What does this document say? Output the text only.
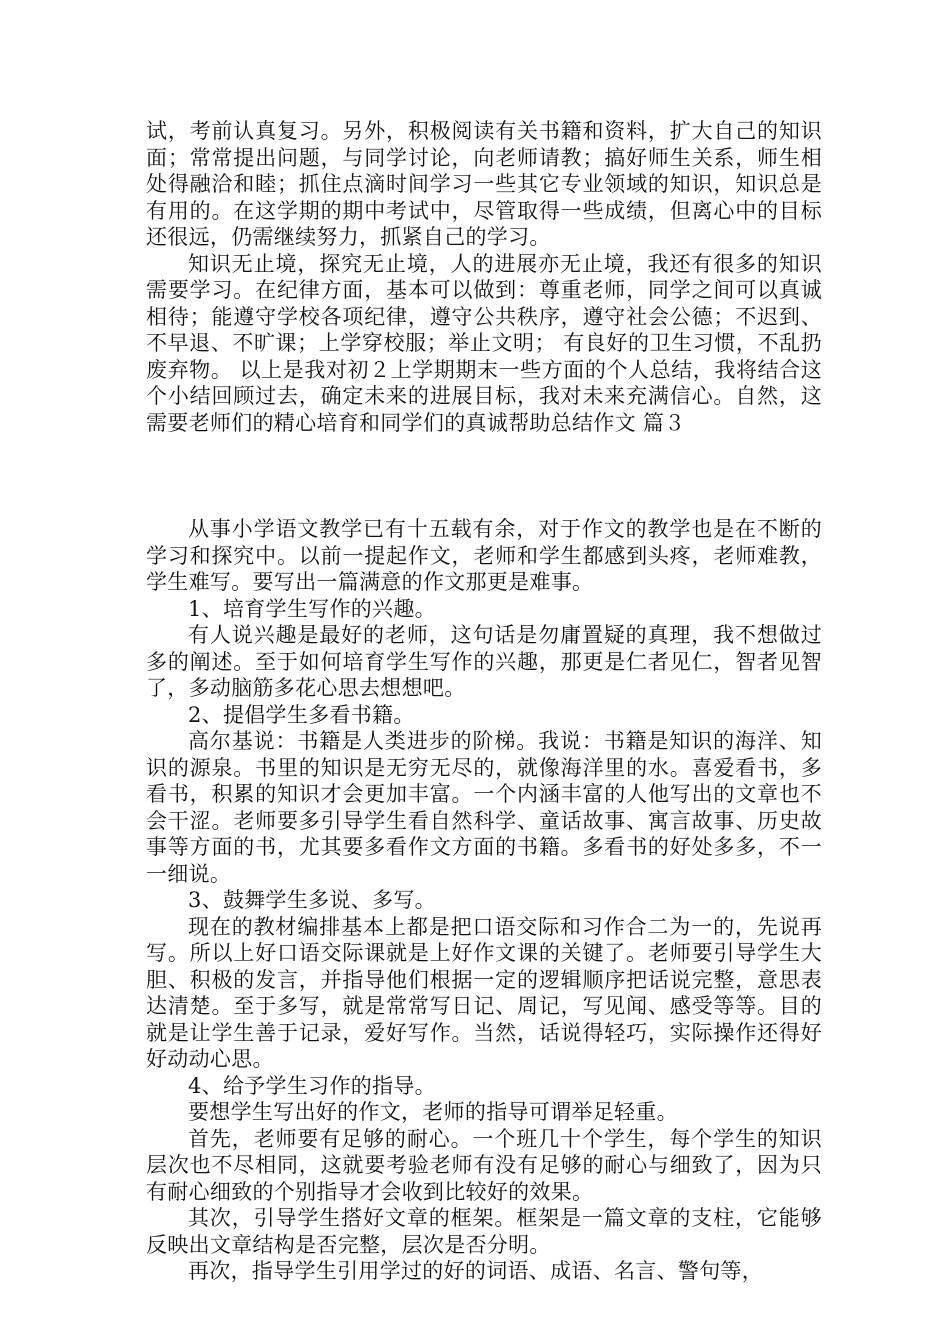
试，考前认真复习。另外，积极阅读有关书籍和资料，扩大自己的知识面；常常提出问题，与同学讨论，向老师请教；搞好师生关系，师生相处得融洽和睦；抓住点滴时间学习一些其它专业领域的知识，知识总是有用的。在这学期的期中考试中，尽管取得一些成绩，但离心中的目标还很远，仍需继续努力，抓紧自己的学习。

知识无止境，探究无止境，人的进展亦无止境，我还有很多的知识需要学习。在纪律方面，基本可以做到：尊重老师，同学之间可以真诚相待；能遵守学校各项纪律，遵守公共秩序，遵守社会公德；不迟到、不早退、不旷课；上学穿校服；举止文明； 有良好的卫生习惯，不乱扔废弃物。 以上是我对初２上学期期末一些方面的个人总结，我将结合这个小结回顾过去，确定未来的进展目标，我对未来充满信心。自然，这需要老师们的精心培育和同学们的真诚帮助总结作文 篇３

从事小学语文教学已有十五载有余，对于作文的教学也是在不断的学习和探究中。以前一提起作文，老师和学生都感到头疼，老师难教，学生难写。要写出一篇满意的作文那更是难事。

1、培育学生写作的兴趣。

有人说兴趣是最好的老师，这句话是勿庸置疑的真理，我不想做过多的阐述。至于如何培育学生写作的兴趣，那更是仁者见仁，智者见智了，多动脑筋多花心思去想想吧。

2、提倡学生多看书籍。

高尔基说：书籍是人类进步的阶梯。我说：书籍是知识的海洋、知识的源泉。书里的知识是无穷无尽的，就像海洋里的水。喜爱看书，多看书，积累的知识才会更加丰富。一个内涵丰富的人他写出的文章也不会干涩。老师要多引导学生看自然科学、童话故事、寓言故事、历史故事等方面的书，尤其要多看作文方面的书籍。多看书的好处多多，不一一细说。

3、鼓舞学生多说、多写。

现在的教材编排基本上都是把口语交际和习作合二为一的，先说再写。所以上好口语交际课就是上好作文课的关键了。老师要引导学生大胆、积极的发言，并指导他们根据一定的逻辑顺序把话说完整，意思表达清楚。至于多写，就是常常写日记、周记，写见闻、感受等等。目的就是让学生善于记录，爱好写作。当然，话说得轻巧，实际操作还得好好动动心思。

4、给予学生习作的指导。

要想学生写出好的作文，老师的指导可谓举足轻重。

首先，老师要有足够的耐心。一个班几十个学生，每个学生的知识层次也不尽相同，这就要考验老师有没有足够的耐心与细致了，因为只有耐心细致的个别指导才会收到比较好的效果。

其次，引导学生搭好文章的框架。框架是一篇文章的支柱，它能够反映出文章结构是否完整，层次是否分明。

再次，指导学生引用学过的好的词语、成语、名言、警句等，
